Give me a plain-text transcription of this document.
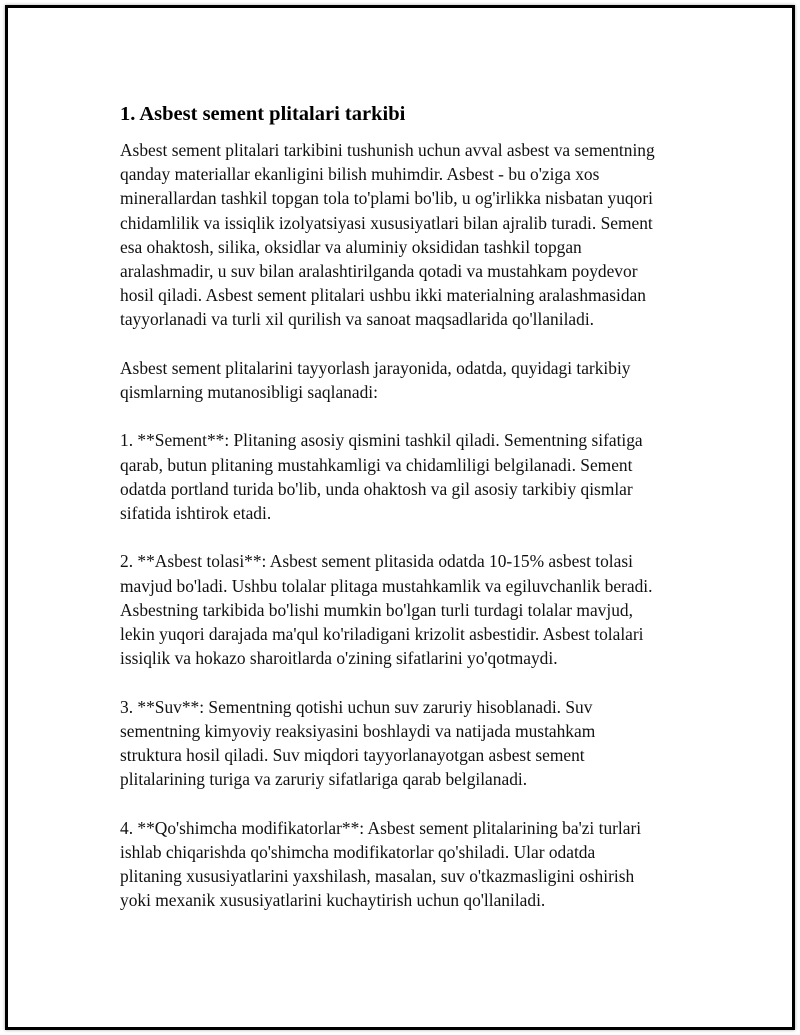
1. Asbest sement plitalari tarkibi

Asbest sement plitalari tarkibini tushunish uchun avval asbest va sementning
qanday materiallar ekanligini bilish muhimdir. Asbest - bu o'ziga xos
minerallardan tashkil topgan tola to'plami bo'lib, u og'irlikka nisbatan yuqori
chidamlilik va issiqlik izolyatsiyasi xususiyatlari bilan ajralib turadi. Sement
esa ohaktosh, silika, oksidlar va aluminiy oksididan tashkil topgan
aralashmadir, u suv bilan aralashtirilganda qotadi va mustahkam poydevor
hosil qiladi. Asbest sement plitalari ushbu ikki materialning aralashmasidan
tayyorlanadi va turli xil qurilish va sanoat maqsadlarida qo'llaniladi.

Asbest sement plitalarini tayyorlash jarayonida, odatda, quyidagi tarkibiy
qismlarning mutanosibligi saqlanadi:

1. **Sement**: Plitaning asosiy qismini tashkil qiladi. Sementning sifatiga
qarab, butun plitaning mustahkamligi va chidamliligi belgilanadi. Sement
odatda portland turida bo'lib, unda ohaktosh va gil asosiy tarkibiy qismlar
sifatida ishtirok etadi.

2. **Asbest tolasi**: Asbest sement plitasida odatda 10-15% asbest tolasi
mavjud bo'ladi. Ushbu tolalar plitaga mustahkamlik va egiluvchanlik beradi.
Asbestning tarkibida bo'lishi mumkin bo'lgan turli turdagi tolalar mavjud,
lekin yuqori darajada ma'qul ko'riladigani krizolit asbestidir. Asbest tolalari
issiqlik va hokazo sharoitlarda o'zining sifatlarini yo'qotmaydi.

3. **Suv**: Sementning qotishi uchun suv zaruriy hisoblanadi. Suv
sementning kimyoviy reaksiyasini boshlaydi va natijada mustahkam
struktura hosil qiladi. Suv miqdori tayyorlanayotgan asbest sement
plitalarining turiga va zaruriy sifatlariga qarab belgilanadi.

4. **Qo'shimcha modifikatorlar**: Asbest sement plitalarining ba'zi turlari
ishlab chiqarishda qo'shimcha modifikatorlar qo'shiladi. Ular odatda
plitaning xususiyatlarini yaxshilash, masalan, suv o'tkazmasligini oshirish
yoki mexanik xususiyatlarini kuchaytirish uchun qo'llaniladi.
